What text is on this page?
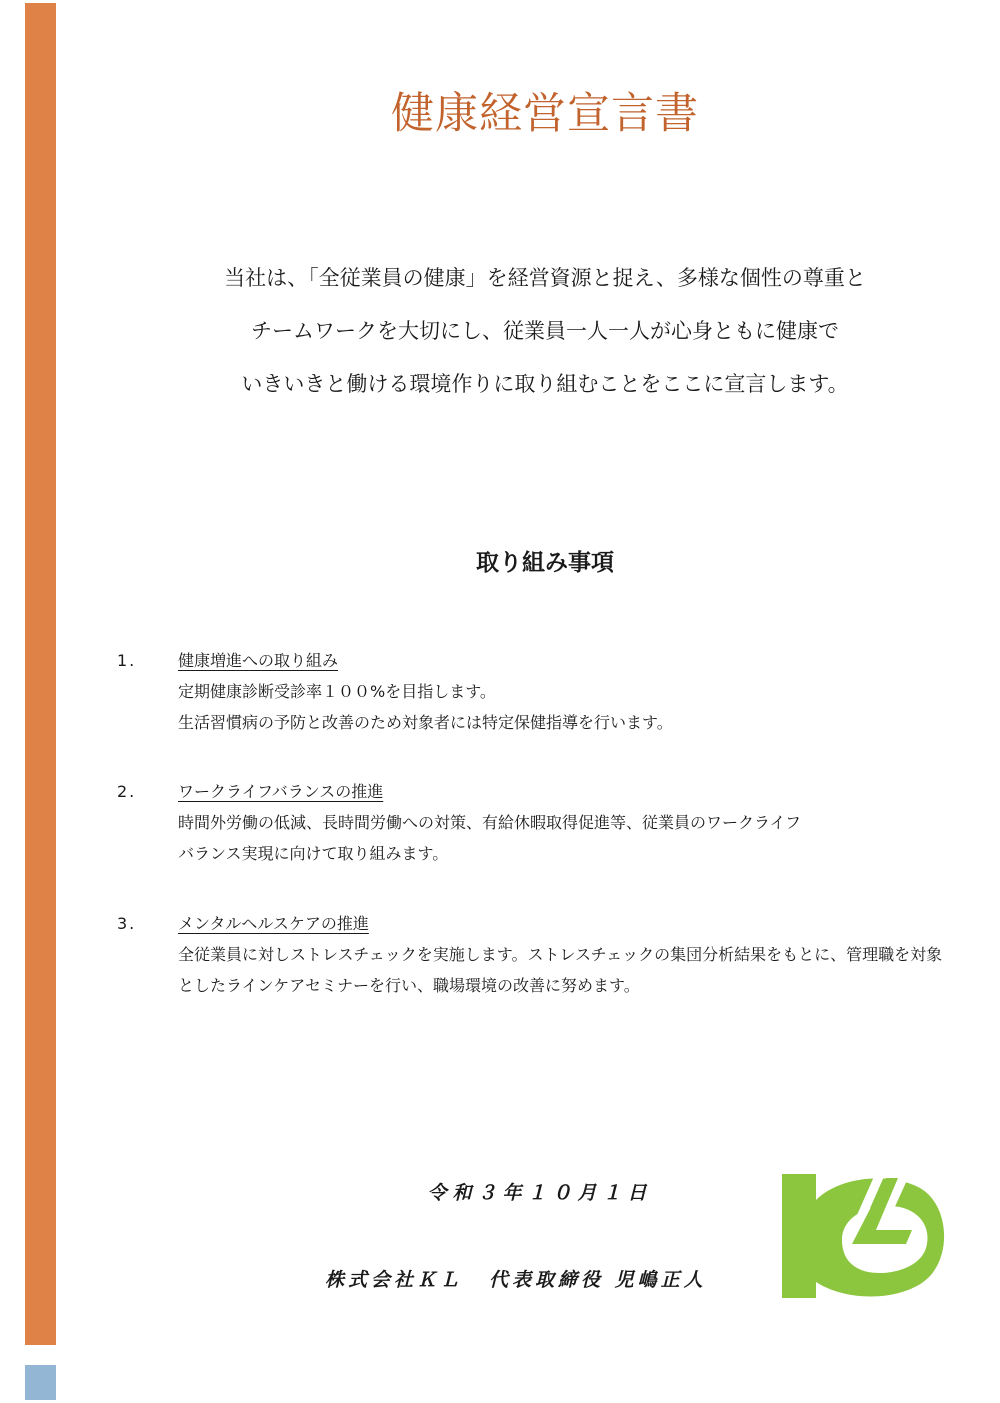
健康経営宣言書
当社は、「全従業員の健康」を経営資源と捉え、多様な個性の尊重と
チームワークを大切にし、従業員一人一人が心身ともに健康で
いきいきと働ける環境作りに取り組むことをここに宣言します。
取り組み事項
1.	健康増進への取り組み
定期健康診断受診率１００%を目指します。
生活習慣病の予防と改善のため対象者には特定保健指導を行います。
2.	ワークライフバランスの推進
時間外労働の低減、長時間労働への対策、有給休暇取得促進等、従業員のワークライフ
バランス実現に向けて取り組みます。
3.	メンタルヘルスケアの推進
全従業員に対しストレスチェックを実施します。ストレスチェックの集団分析結果をもとに、管理職を対象
としたラインケアセミナーを行い、職場環境の改善に努めます。
令和３年１０月１日
株式会社ＫＬ 代表取締役 児嶋正人
